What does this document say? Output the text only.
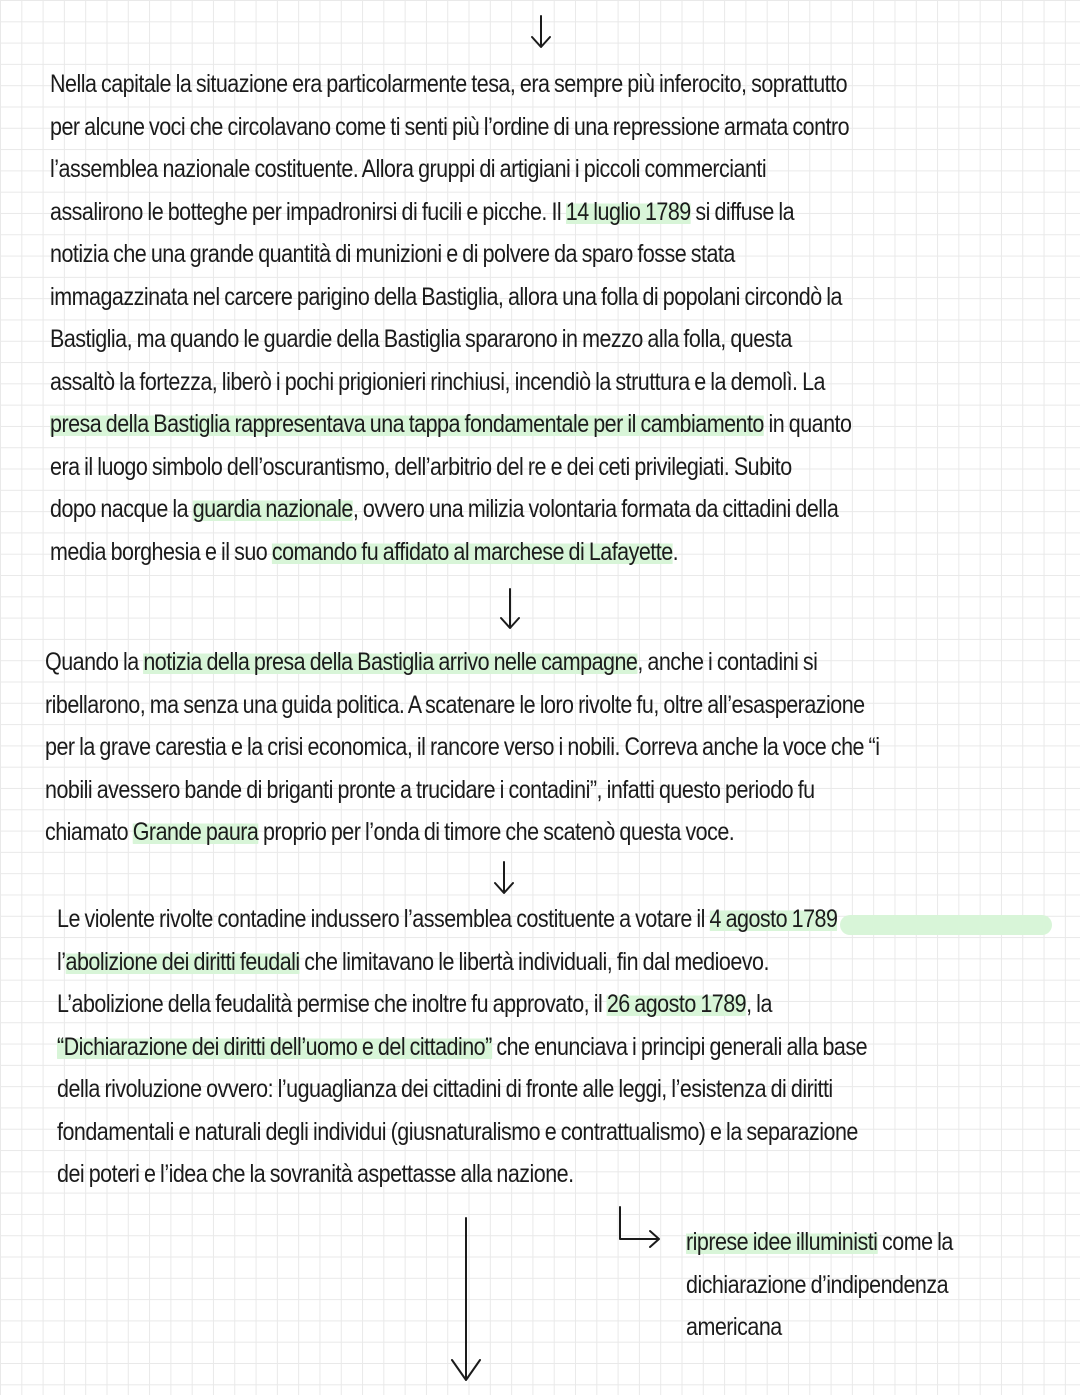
Nella capitale la situazione era particolarmente tesa, era sempre più inferocito, soprattutto
per alcune voci che circolavano come ti senti più l’ordine di una repressione armata contro
l’assemblea nazionale costituente. Allora gruppi di artigiani i piccoli commercianti
assalirono le botteghe per impadronirsi di fucili e picche. Il 14 luglio 1789 si diffuse la
notizia che una grande quantità di munizioni e di polvere da sparo fosse stata
immagazzinata nel carcere parigino della Bastiglia, allora una folla di popolani circondò la
Bastiglia, ma quando le guardie della Bastiglia spararono in mezzo alla folla, questa
assaltò la fortezza, liberò i pochi prigionieri rinchiusi, incendiò la struttura e la demolì. La
presa della Bastiglia rappresentava una tappa fondamentale per il cambiamento in quanto
era il luogo simbolo dell’oscurantismo, dell’arbitrio del re e dei ceti privilegiati. Subito
dopo nacque la guardia nazionale, ovvero una milizia volontaria formata da cittadini della
media borghesia e il suo comando fu affidato al marchese di Lafayette.
Quando la notizia della presa della Bastiglia arrivo nelle campagne, anche i contadini si
ribellarono, ma senza una guida politica. A scatenare le loro rivolte fu, oltre all’esasperazione
per la grave carestia e la crisi economica, il rancore verso i nobili. Correva anche la voce che “i
nobili avessero bande di briganti pronte a trucidare i contadini”, infatti questo periodo fu
chiamato Grande paura proprio per l’onda di timore che scatenò questa voce.
Le violente rivolte contadine indussero l’assemblea costituente a votare il 4 agosto 1789
l’abolizione dei diritti feudali che limitavano le libertà individuali, fin dal medioevo.
L’abolizione della feudalità permise che inoltre fu approvato, il 26 agosto 1789, la
“Dichiarazione dei diritti dell’uomo e del cittadino” che enunciava i principi generali alla base
della rivoluzione ovvero: l’uguaglianza dei cittadini di fronte alle leggi, l’esistenza di diritti
fondamentali e naturali degli individui (giusnaturalismo e contrattualismo) e la separazione
dei poteri e l’idea che la sovranità aspettasse alla nazione.
riprese idee illuministi come la
dichiarazione d’indipendenza
americana
